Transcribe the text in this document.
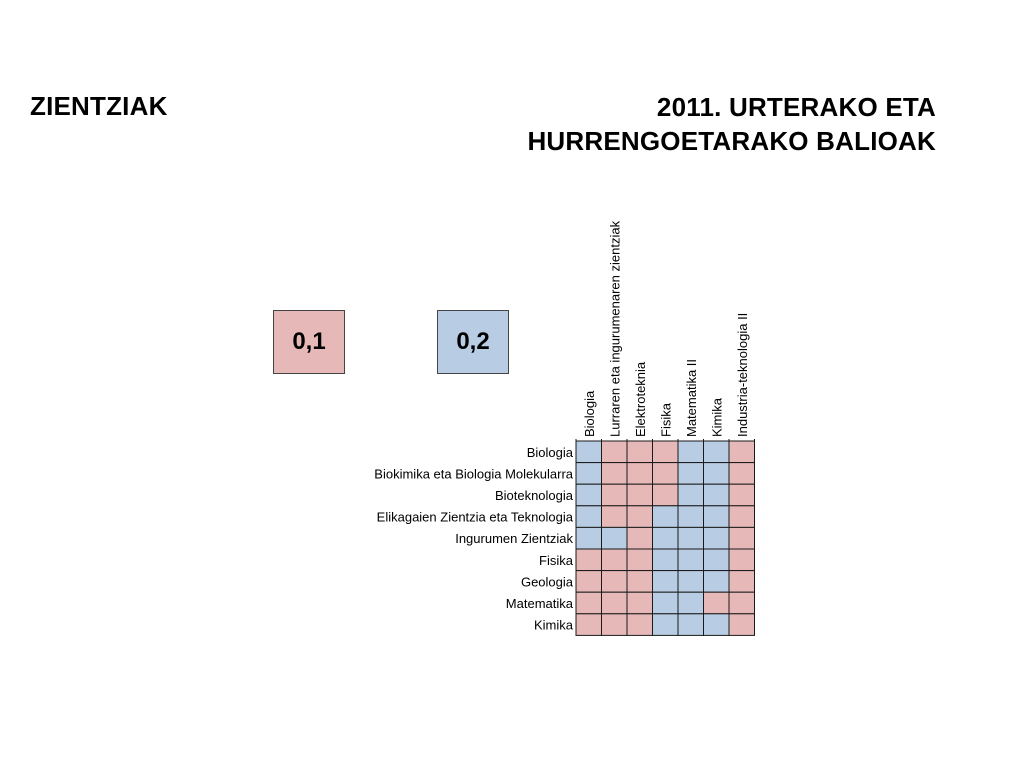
ZIENTZIAK	2011. URTERAKO ETA
HURRENGOETARAKO BALIOAK
0,1	0,2
Biologia Lurraren eta ingurumenaren zientziak Elektroteknia Fisika Matematika II Kimika Industria-teknologia II
Biologia
Biokimika eta Biologia Molekularra
Bioteknologia
Elikagaien Zientzia eta Teknologia
Ingurumen Zientziak
Fisika
Geologia
Matematika
Kimika
